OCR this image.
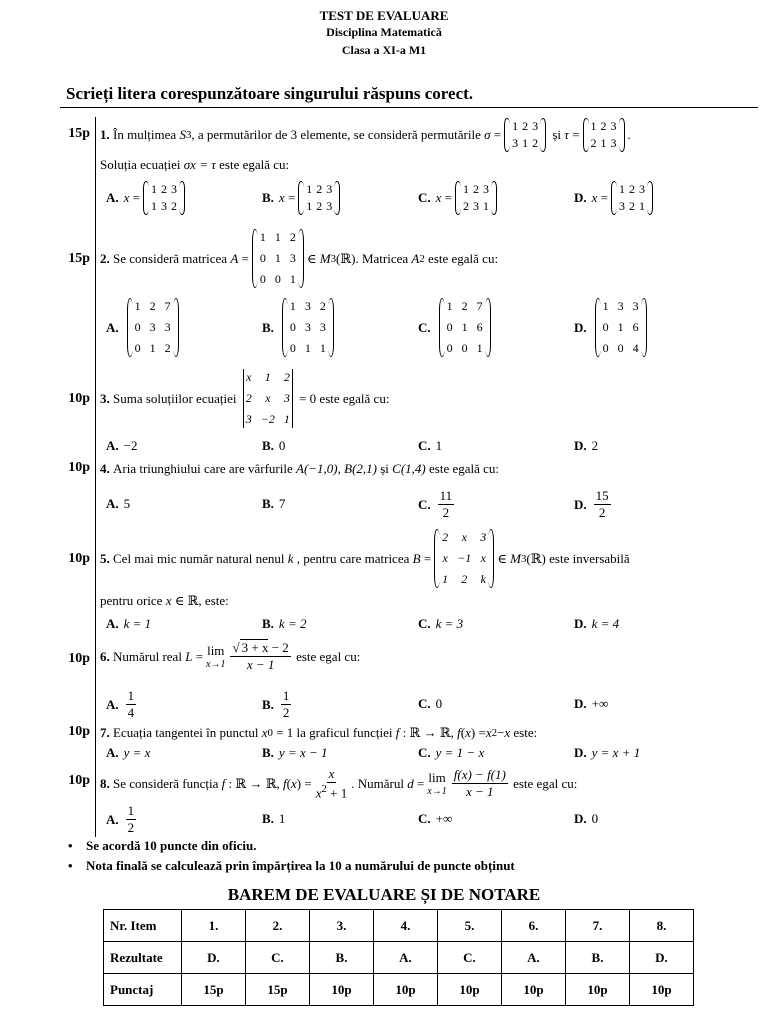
TEST DE EVALUARE
Disciplina Matematică
Clasa a XI-a M1
Scrieți litera corespunzătoare singurului răspuns corect.
15p 1.
În mulțimea
S 3 , a permutărilor de 3 elemente, se consideră permutările
σ =
1 2 3
3 1 2

și
τ =
1 2 3
2 1 3
.
Soluția ecuației
σx = τ
este egală cu:
A. x =
1 2 3
1 3 2
B. x =
1 2 3
1 2 3
C. x =
1 2 3
2 3 1
D. x =
1 2 3
3 2 1
15p 2.
Se consideră matricea
A =
1 1 2
0 1 3
0 0 1
∈ M 3 (ℝ) . Matricea
A 2
este egală cu:
A.
1 2 7
0 3 3
0 1 2
B.
1 3 2
0 3 3
0 1 1
C.
1 2 7
0 1 6
0 0 1
D.
1 3 3
0 1 6
0 0 4
10p 3.
Suma soluțiilor ecuației

x	1	2
2	x	3
3 −2 1

= 0 este egală cu:
A. −2	B. 0	C. 1	D. 2
10p 4.
Aria triunghiului care are vârfurile
A(−1,0), B(2,1)
și
C(1,4)
este egală cu:
A. 5	B. 7	C. $\frac{11}{2}$	D. $\frac{15}{2}$
10p 5.
Cel mai mic număr natural nenul
k
, pentru care matricea
B =
2	x	3
x −1 x
1	2	k
∈ M 3 (ℝ) este inversabilă
pentru orice
x ∈ ℝ , este:
A. k = 1	B. k = 2	C. k = 3	D. k = 4
10p 6.
Numărul real
L = lim
$x\to 1 \frac{√ 3 + x - 2}{x - 1}$
este egal cu:
A. $\frac{1}{4}$	B. $\frac{1}{2}$	C. 0	D. +∞
10p 7.
Ecuația tangentei în punctul
x 0 = 1 la graficul funcției
f : ℝ → ℝ, f ( x ) = x 2 − x
este:
A. y = x	B. y = x − 1	C. y = 1 − x	D. y = x + 1
10p 8.
Se consideră funcția
f : ℝ → ℝ, f ( x ) = $\frac{x}{x^2 + 1}$ . Numărul
d = lim
$x\to 1 \frac{f(x) - f(1)}{x - 1}$
este egal cu:
A. $\frac{1}{2}$	B. 1	C. +∞	D. 0
• Se acordă 10 puncte din oficiu.
• Nota finală se calculează prin împărțirea la 10 a numărului de puncte obținut
BAREM DE EVALUARE ȘI DE NOTARE
Nr. Item	1.	2.	3.	4.	5.	6.	7.	8.
Rezultate	D.	C.	B.	A.	C.	A.	B.	D.
Punctaj	15p	15p	10p	10p	10p	10p	10p	10p
